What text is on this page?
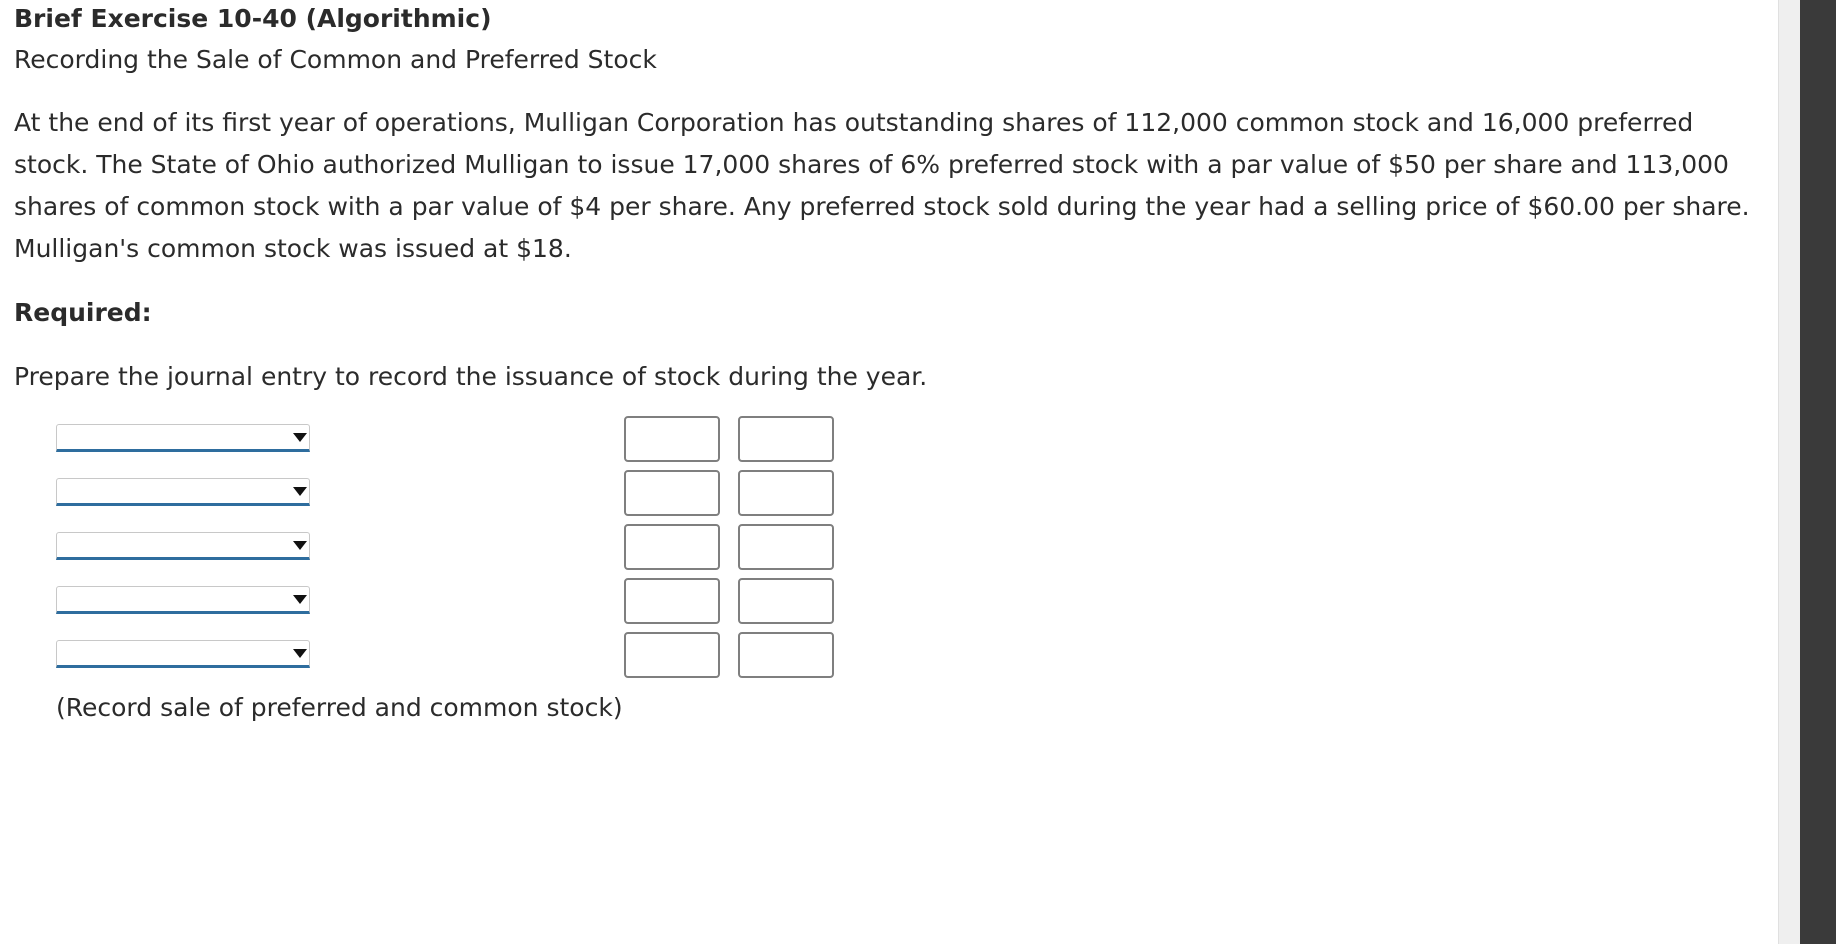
Brief Exercise 10-40 (Algorithmic)
Recording the Sale of Common and Preferred Stock
At the end of its first year of operations, Mulligan Corporation has outstanding shares of 112,000 common stock and 16,000 preferred stock. The State of Ohio authorized Mulligan to issue 17,000 shares of 6% preferred stock with a par value of $50 per share and 113,000 shares of common stock with a par value of $4 per share. Any preferred stock sold during the year had a selling price of $60.00 per share. Mulligan's common stock was issued at $18.
Required:
Prepare the journal entry to record the issuance of stock during the year.
(Record sale of preferred and common stock)
